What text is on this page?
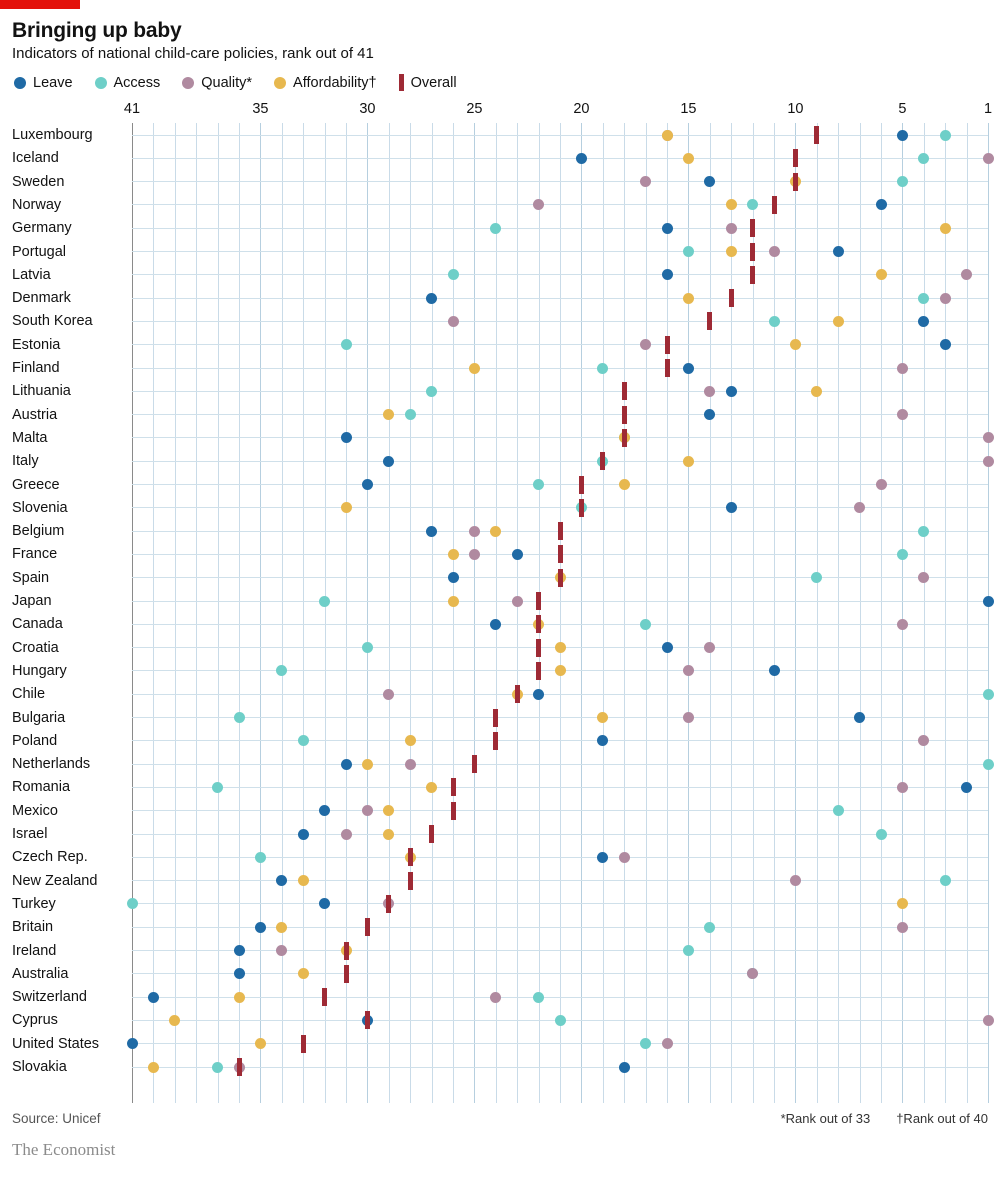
Bringing up baby
Indicators of national child-care policies, rank out of 41
Leave	Access	Quality*	Affordability† Overall
41	35	30	25	20	15	10	5	1
Luxembourg
Iceland
Sweden
Norway
Germany
Portugal
Latvia
Denmark
South Korea
Estonia
Finland
Lithuania
Austria
Malta
Italy
Greece
Slovenia
Belgium
France
Spain
Japan
Canada
Croatia
Hungary
Chile
Bulgaria
Poland
Netherlands
Romania
Mexico
Israel
Czech Rep.
New Zealand
Turkey
Britain
Ireland
Australia
Switzerland
Cyprus
United States
Slovakia
Source: Unicef	*Rank out of 33 †Rank out of 40
The Economist
